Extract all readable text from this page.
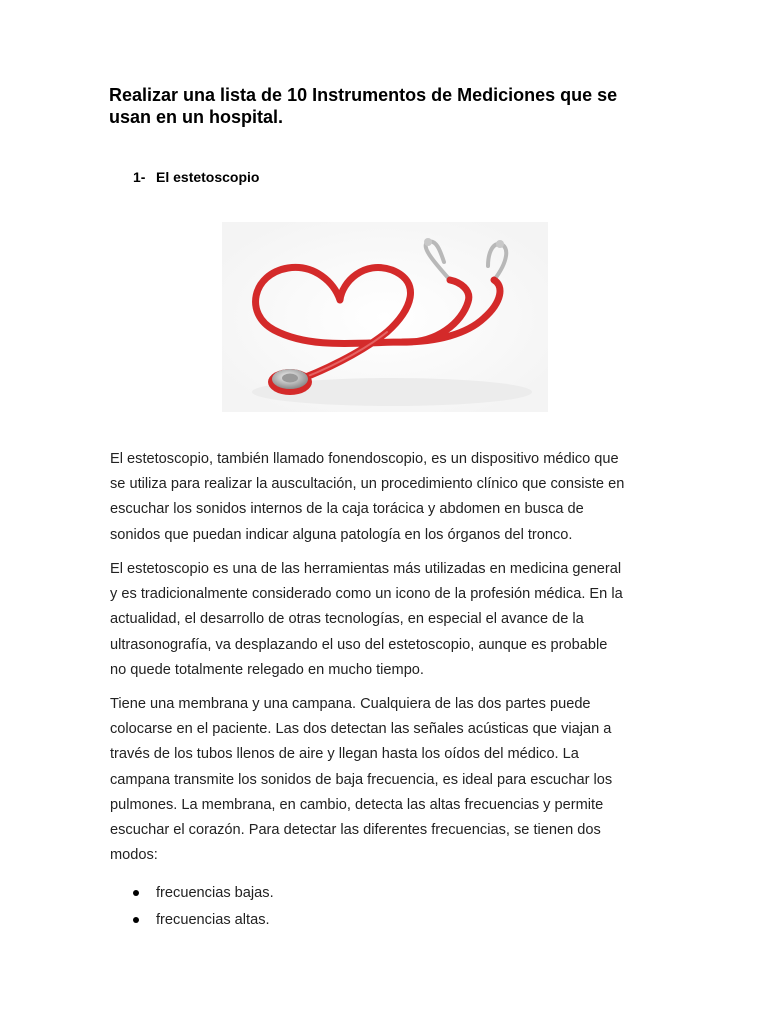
Realizar una lista de 10 Instrumentos de Mediciones que se
usan en un hospital.
1- El estetoscopio

El estetoscopio, también llamado fonendoscopio, es un dispositivo médico que
se utiliza para realizar la auscultación, un procedimiento clínico que consiste en
escuchar los sonidos internos de la caja torácica y abdomen en busca de
sonidos que puedan indicar alguna patología en los órganos del tronco.

El estetoscopio es una de las herramientas más utilizadas en medicina general
y es tradicionalmente considerado como un icono de la profesión médica. En la
actualidad, el desarrollo de otras tecnologías, en especial el avance de la
ultrasonografía, va desplazando el uso del estetoscopio, aunque es probable
no quede totalmente relegado en mucho tiempo.

Tiene una membrana y una campana. Cualquiera de las dos partes puede
colocarse en el paciente. Las dos detectan las señales acústicas que viajan a
través de los tubos llenos de aire y llegan hasta los oídos del médico. La
campana transmite los sonidos de baja frecuencia, es ideal para escuchar los
pulmones. La membrana, en cambio, detecta las altas frecuencias y permite
escuchar el corazón. Para detectar las diferentes frecuencias, se tienen dos
modos:

frecuencias bajas.
frecuencias altas.
